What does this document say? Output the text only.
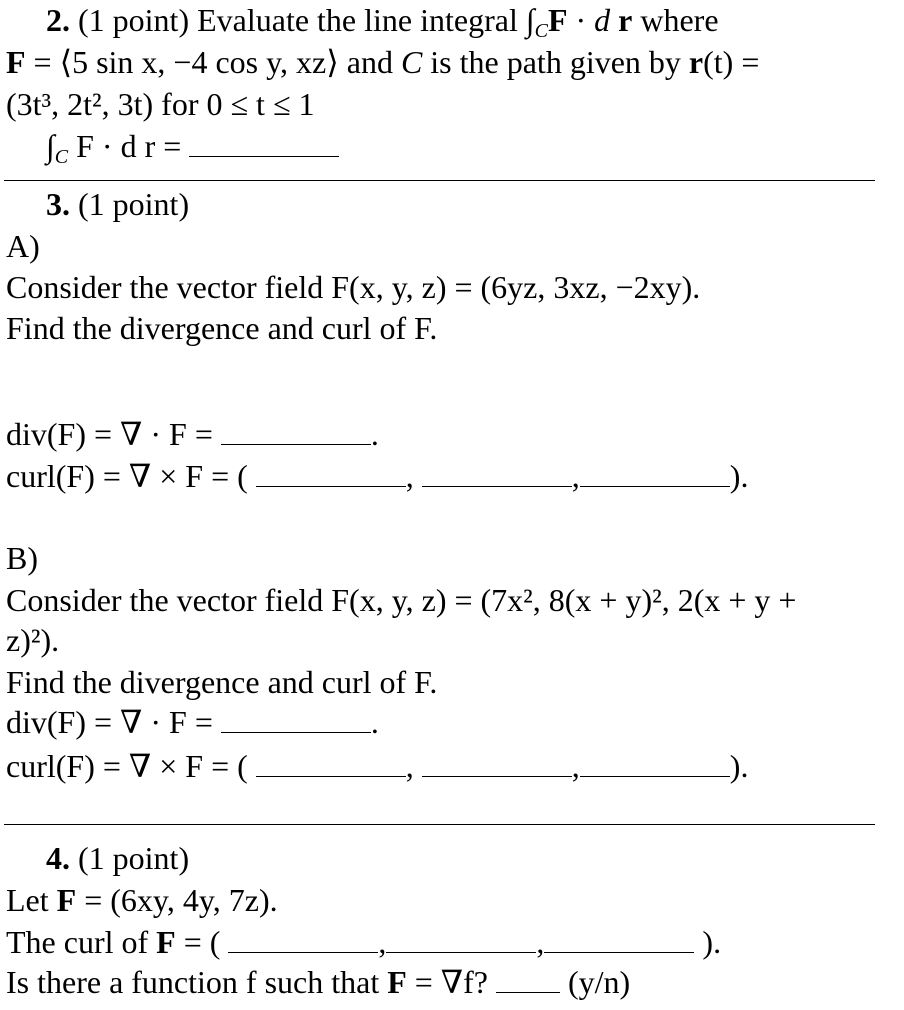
2. (1 point) Evaluate the line integral $\int_CF \cdot d$ r where
F = ⟨5 sin x, −4 cos y, xz⟩ and C is the path given by r(t) =
(3t³, 2t², 3t) for 0 ≤ t ≤ 1
$\int_C$ F · d r =
3. (1 point)
A)
Consider the vector field F(x, y, z) = (6yz, 3xz, −2xy).
Find the divergence and curl of F.
div(F) = ∇ · F =	.
curl(F) = ∇ × F = (	,	,	).
B)
Consider the vector field F(x, y, z) = (7x², 8(x + y)², 2(x + y +
z)²).
Find the divergence and curl of F.
div(F) = ∇ · F =	.
curl(F) = ∇ × F = (	,	,	).
4. (1 point)
Let F = (6xy, 4y, 7z).
The curl of F = (	,	,	).
Is there a function f such that F = ∇f?	(y/n)
